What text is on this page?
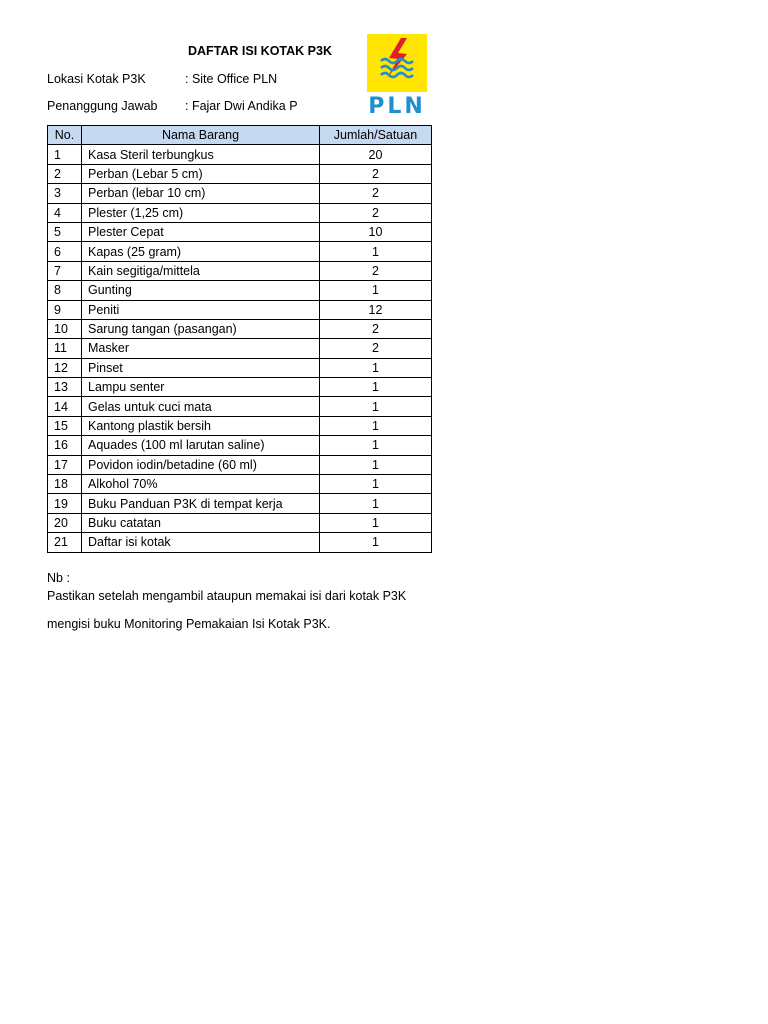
DAFTAR ISI KOTAK P3K
Lokasi Kotak P3K	: Site Office PLN
Penanggung Jawab : Fajar Dwi Andika P	PLN
No.	Nama Barang	Jumlah/Satuan
1	Kasa Steril terbungkus	20
2	Perban (Lebar 5 cm)	2
3	Perban (lebar 10 cm)	2
4	Plester (1,25 cm)	2
5	Plester Cepat	10
6	Kapas (25 gram)	1
7	Kain segitiga/mittela	2
8	Gunting	1
9	Peniti	12
10	Sarung tangan (pasangan)	2
11	Masker	2
12	Pinset	1
13	Lampu senter	1
14	Gelas untuk cuci mata	1
15	Kantong plastik bersih	1
16	Aquades (100 ml larutan saline)	1
17	Povidon iodin/betadine (60 ml)	1
18	Alkohol 70%	1
19	Buku Panduan P3K di tempat kerja	1
20	Buku catatan	1
21	Daftar isi kotak	1
Nb :
Pastikan setelah mengambil ataupun memakai isi dari kotak P3K
mengisi buku Monitoring Pemakaian Isi Kotak P3K.
